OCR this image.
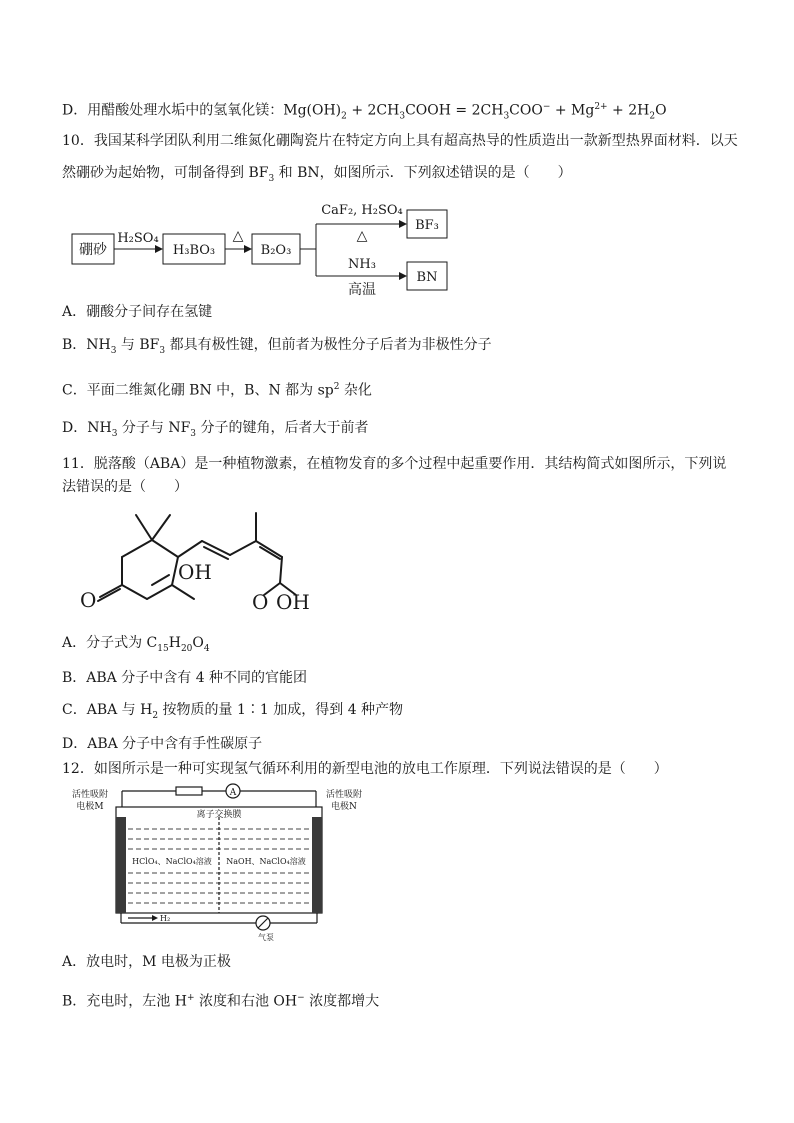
D．用醋酸处理水垢中的氢氧化镁：$Mg(OH)_2$ + $2CH_3COOH = 2CH_3COO^- + Mg^{2+} + 2H_2O$
10．我国某科学团队利用二维氮化硼陶瓷片在特定方向上具有超高热导的性质造出一款新型热界面材料．以天
然硼砂为起始物，可制备得到 $BF_3$ 和 BN，如图所示．下列叙述错误的是（　　）
硼砂
H₂SO₄
H₃BO₃
△
B₂O₃
CaF₂, H₂SO₄
△
BF₃
NH₃
高温
BN
A．硼酸分子间存在氢键
B．$NH_3$ 与 $BF_3$ 都具有极性键，但前者为极性分子后者为非极性分子
C．平面二维氮化硼 BN 中，B、N 都为 $sp^2$ 杂化
D．$NH_3$ 分子与 $NF_3$ 分子的键角，后者大于前者
11．脱落酸（ABA）是一种植物激素，在植物发育的多个过程中起重要作用．其结构简式如图所示，下列说
法错误的是（　　）
OH
O	O OH
A．分子式为 $C_{15}H_{20}O_4$
B．ABA 分子中含有 4 种不同的官能团
C．ABA 与 $H_2$ 按物质的量 1∶1 加成，得到 4 种产物
D．ABA 分子中含有手性碳原子
12．如图所示是一种可实现氢气循环利用的新型电池的放电工作原理．下列说法错误的是（　　）
A
离子交换膜
HClO₄、NaClO₄溶液 NaOH、NaClO₄溶液
H₂
气泵
活性吸附
电极M
活性吸附
电极N
A．放电时，M 电极为正极
B．充电时，左池 H+ 浓度和右池 OH− 浓度都增大
